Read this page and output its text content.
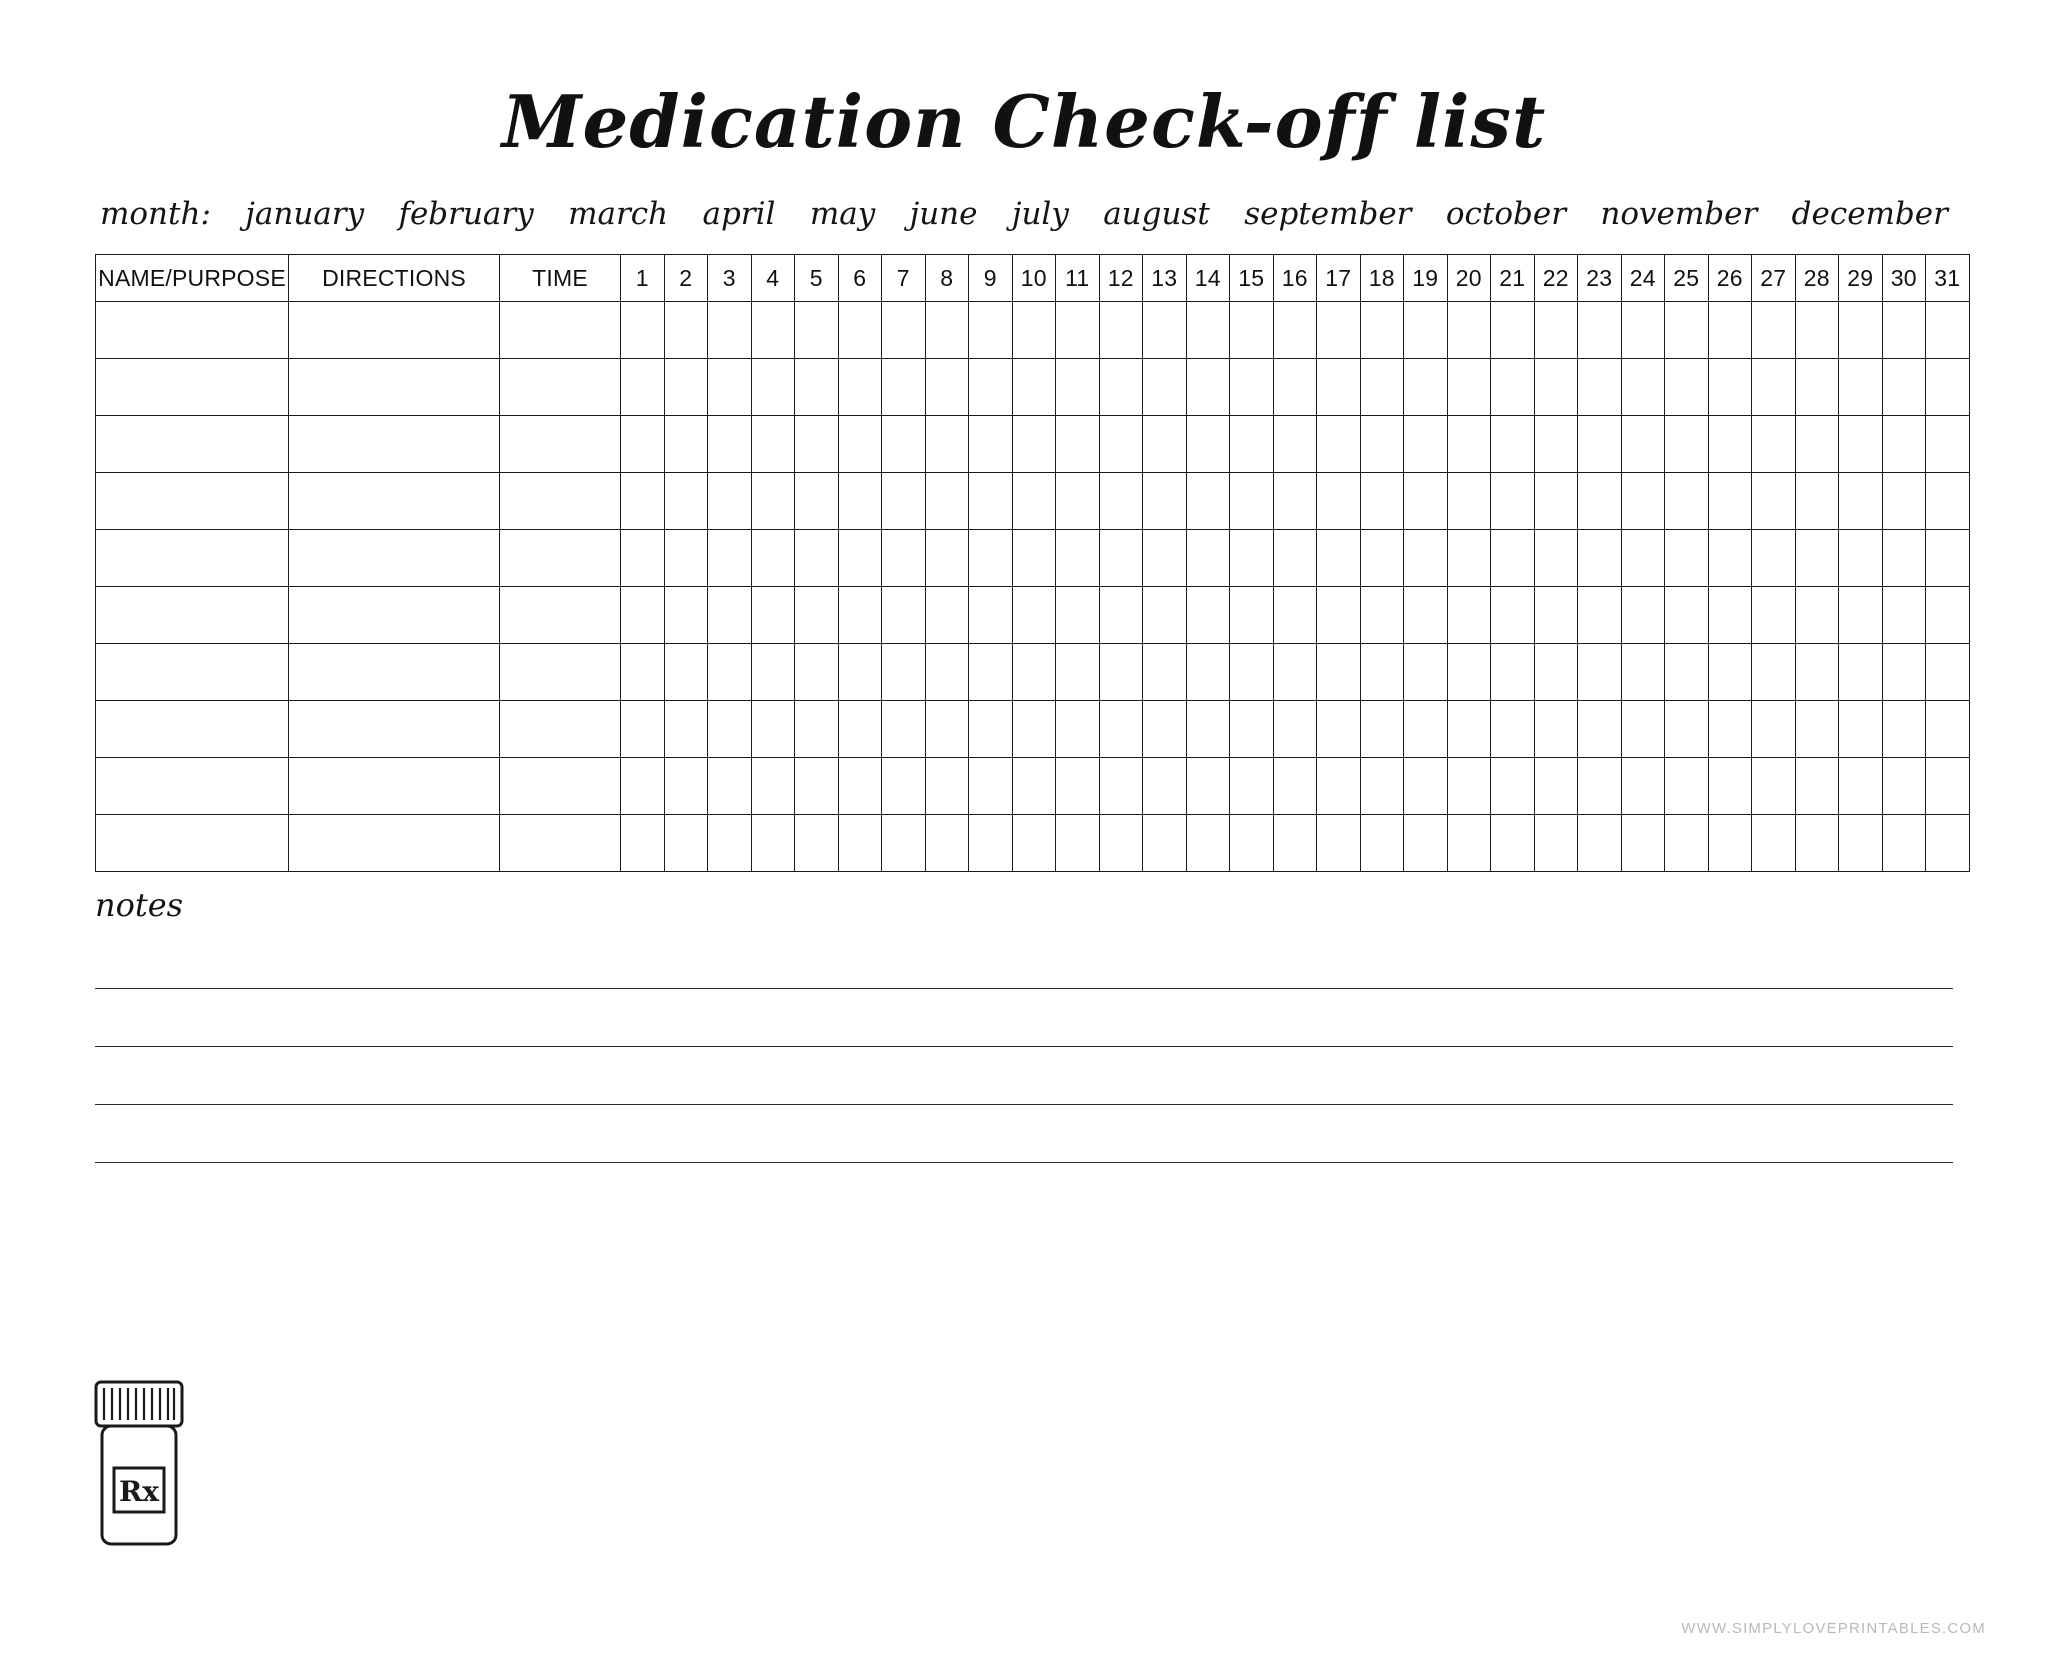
Medication Check-off list
month: january february march april may june july august september october november december
NAME/PURPOSE	DIRECTIONS	TIME	1	2	3	4	5	6	7	8	9	10	11	12	13	14	15	16	17	18	19	20	21	22	23	24	25	26	27	28	29	30	31

notes
Rx
WWW.SIMPLYLOVEPRINTABLES.COM
